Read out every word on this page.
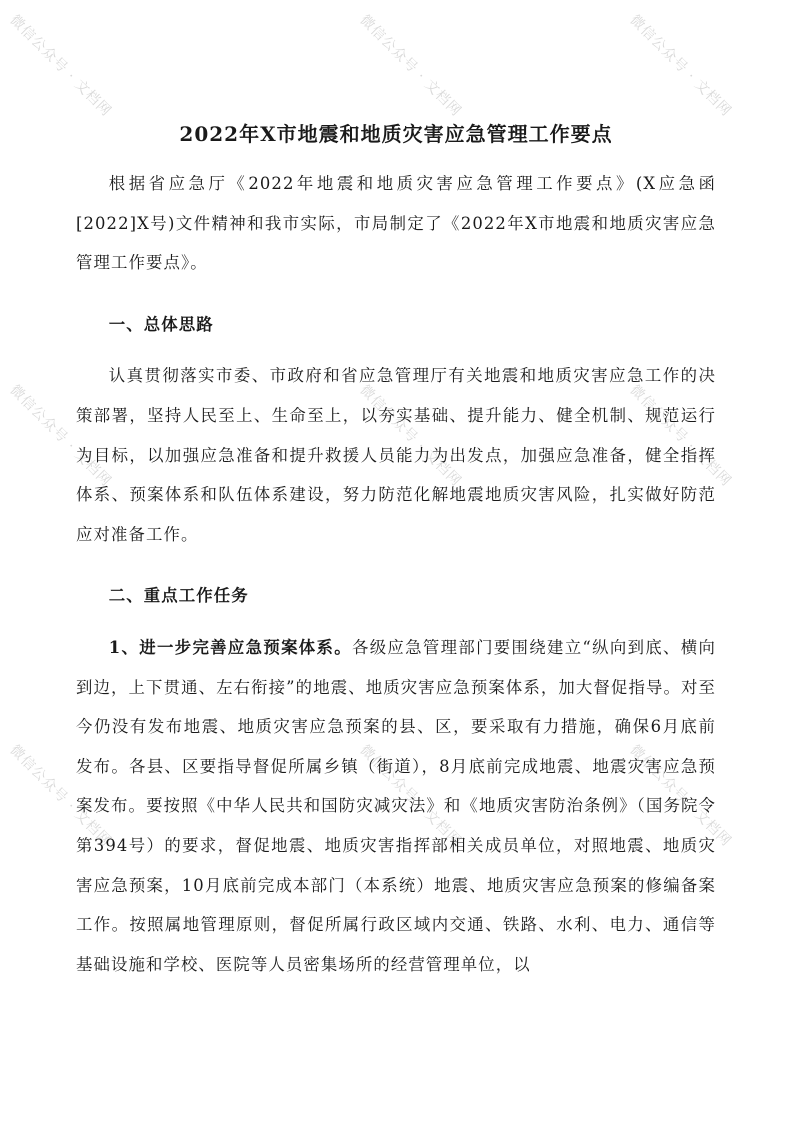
微信公众号 · 文档网	微信公众号 · 文档网	微信公众号 · 文档网
微信公众号 · 文档网	微信公众号 · 文档网	微信公众号 · 文档网
微信公众号 · 文档网	微信公众号 · 文档网	微信公众号 · 文档网
2022年X市地震和地质灾害应急管理工作要点

根据省应急厅《2022年地震和地质灾害应急管理工作要点》(X应急函[2022]X号)文件精神和我市实际，市局制定了《2022年X市地震和地质灾害应急管理工作要点》。

一、总体思路

认真贯彻落实市委、市政府和省应急管理厅有关地震和地质灾害应急工作的决策部署，坚持人民至上、生命至上，以夯实基础、提升能力、健全机制、规范运行为目标，以加强应急准备和提升救援人员能力为出发点，加强应急准备，健全指挥体系、预案体系和队伍体系建设，努力防范化解地震地质灾害风险，扎实做好防范应对准备工作。

二、重点工作任务

1、进一步完善应急预案体系。各级应急管理部门要围绕建立“纵向到底、横向到边，上下贯通、左右衔接”的地震、地质灾害应急预案体系，加大督促指导。对至今仍没有发布地震、地质灾害应急预案的县、区，要采取有力措施，确保6月底前发布。各县、区要指导督促所属乡镇（街道），8月底前完成地震、地震灾害应急预案发布。要按照《中华人民共和国防灾减灾法》和《地质灾害防治条例》（国务院令第394号）的要求，督促地震、地质灾害指挥部相关成员单位，对照地震、地质灾害应急预案，10月底前完成本部门（本系统）地震、地质灾害应急预案的修编备案工作。按照属地管理原则，督促所属行政区域内交通、铁路、水利、电力、通信等基础设施和学校、医院等人员密集场所的经营管理单位，以
